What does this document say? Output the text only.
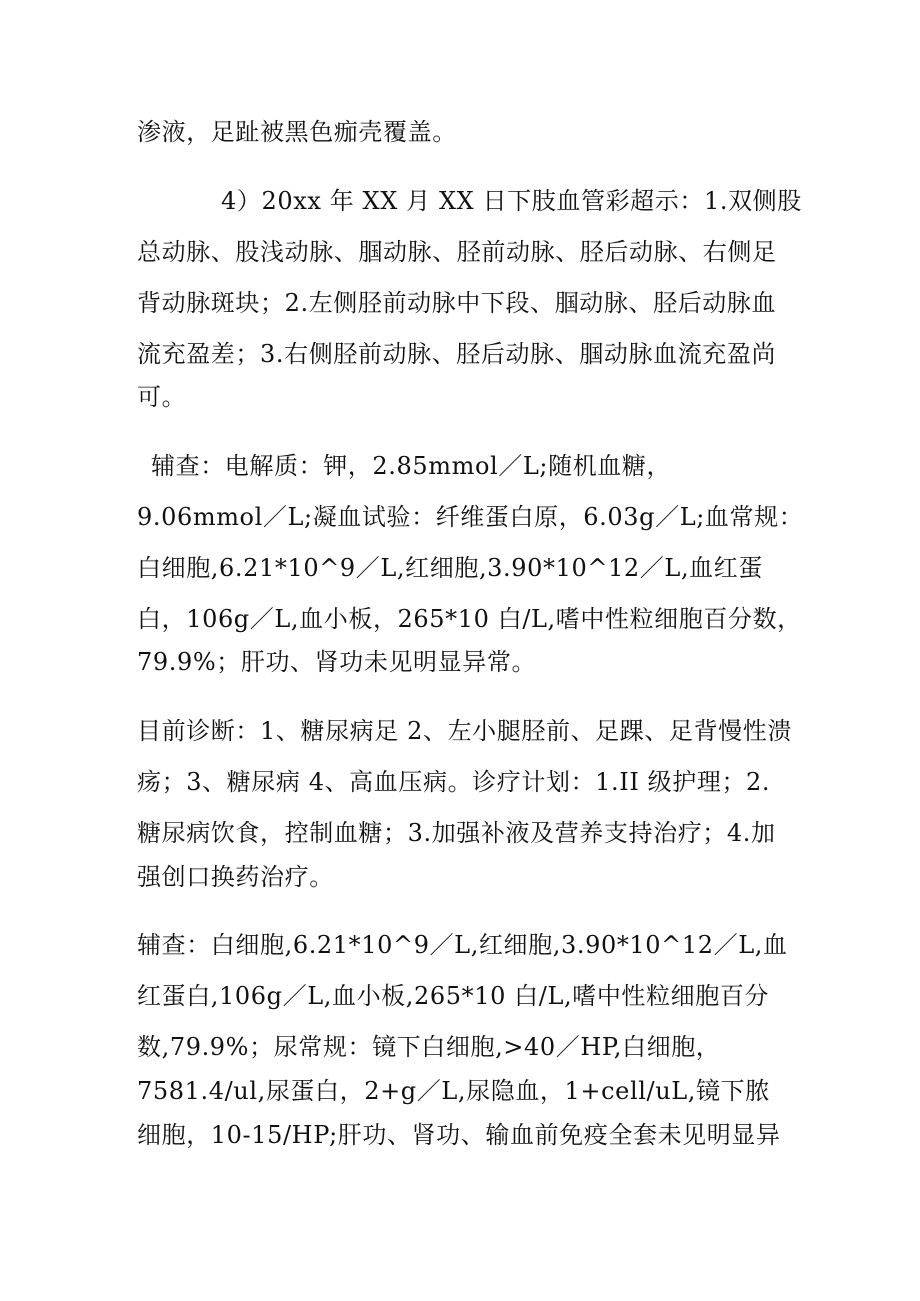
渗液，足趾被黑色痂壳覆盖。
4）20xx 年 XX 月 XX 日下肢血管彩超示：1.双侧股
总动脉、股浅动脉、腘动脉、胫前动脉、胫后动脉、右侧足
背动脉斑块；2.左侧胫前动脉中下段、腘动脉、胫后动脉血
流充盈差；3.右侧胫前动脉、胫后动脉、腘动脉血流充盈尚
可。
辅查：电解质：钾，2.85mmol／L;随机血糖，
9.06mmol／L;凝血试验：纤维蛋白原，6.03g／L;血常规：
白细胞,6.21*10^9／L,红细胞,3.90*10^12／L,血红蛋
白，106g／L,血小板，265*10 白/L,嗜中性粒细胞百分数，
79.9%；肝功、肾功未见明显异常。
目前诊断：1、糖尿病足 2、左小腿胫前、足踝、足背慢性溃
疡；3、糖尿病 4、高血压病。诊疗计划：1.II 级护理；2.
糖尿病饮食，控制血糖；3.加强补液及营养支持治疗；4.加
强创口换药治疗。
辅查：白细胞,6.21*10^9／L,红细胞,3.90*10^12／L,血
红蛋白,106g／L,血小板,265*10 白/L,嗜中性粒细胞百分
数,79.9%；尿常规：镜下白细胞,>40／HP,白细胞，
7581.4/ul,尿蛋白，2+g／L,尿隐血，1+cell/uL,镜下脓
细胞，10-15/HP;肝功、肾功、输血前免疫全套未见明显异
